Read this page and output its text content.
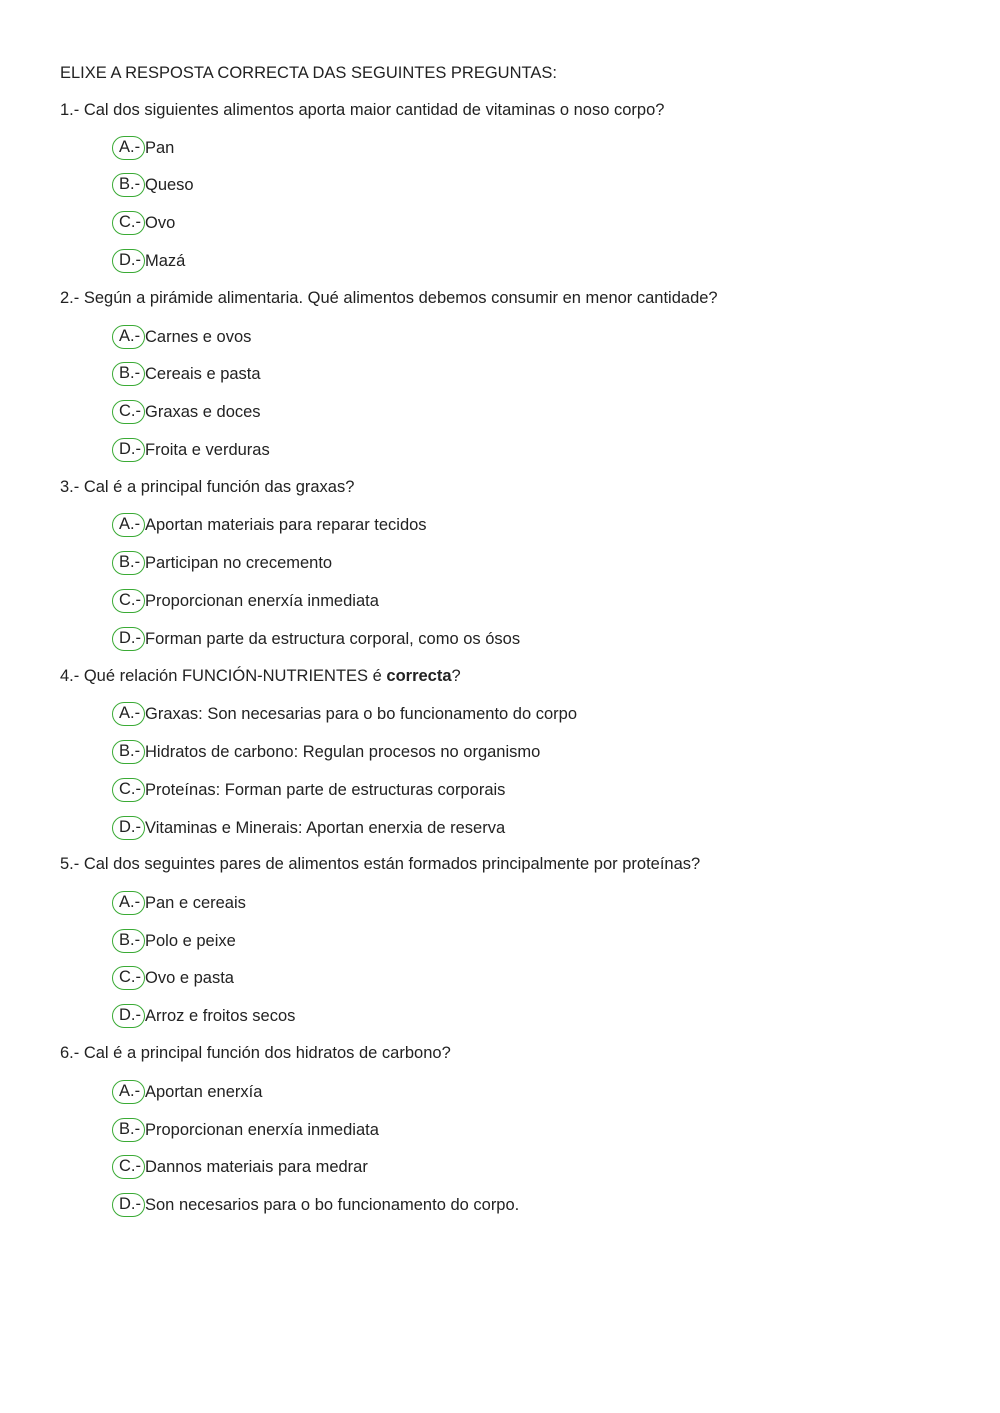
ELIXE A RESPOSTA CORRECTA DAS SEGUINTES PREGUNTAS:
1.- Cal dos siguientes alimentos aporta maior cantidad de vitaminas o noso corpo?
A.- Pan
B.- Queso
C.- Ovo
D.- Mazá
2.- Según a pirámide alimentaria. Qué alimentos debemos consumir en menor cantidade?
A.- Carnes e ovos
B.- Cereais e pasta
C.- Graxas e doces
D.- Froita e verduras
3.- Cal é a principal función das graxas?
A.- Aportan materiais para reparar tecidos
B.- Participan no crecemento
C.- Proporcionan enerxía inmediata
D.- Forman parte da estructura corporal, como os ósos
4.- Qué relación FUNCIÓN-NUTRIENTES é correcta?
A.- Graxas: Son necesarias para o bo funcionamento do corpo
B.- Hidratos de carbono: Regulan procesos no organismo
C.- Proteínas: Forman parte de estructuras corporais
D.- Vitaminas e Minerais: Aportan enerxia de reserva
5.- Cal dos seguintes pares de alimentos están formados principalmente por proteínas?
A.- Pan e cereais
B.- Polo e peixe
C.- Ovo e pasta
D.- Arroz e froitos secos
6.- Cal é a principal función dos hidratos de carbono?
A.- Aportan enerxía
B.- Proporcionan enerxía inmediata
C.- Dannos materiais para medrar
D.- Son necesarios para o bo funcionamento do corpo.
